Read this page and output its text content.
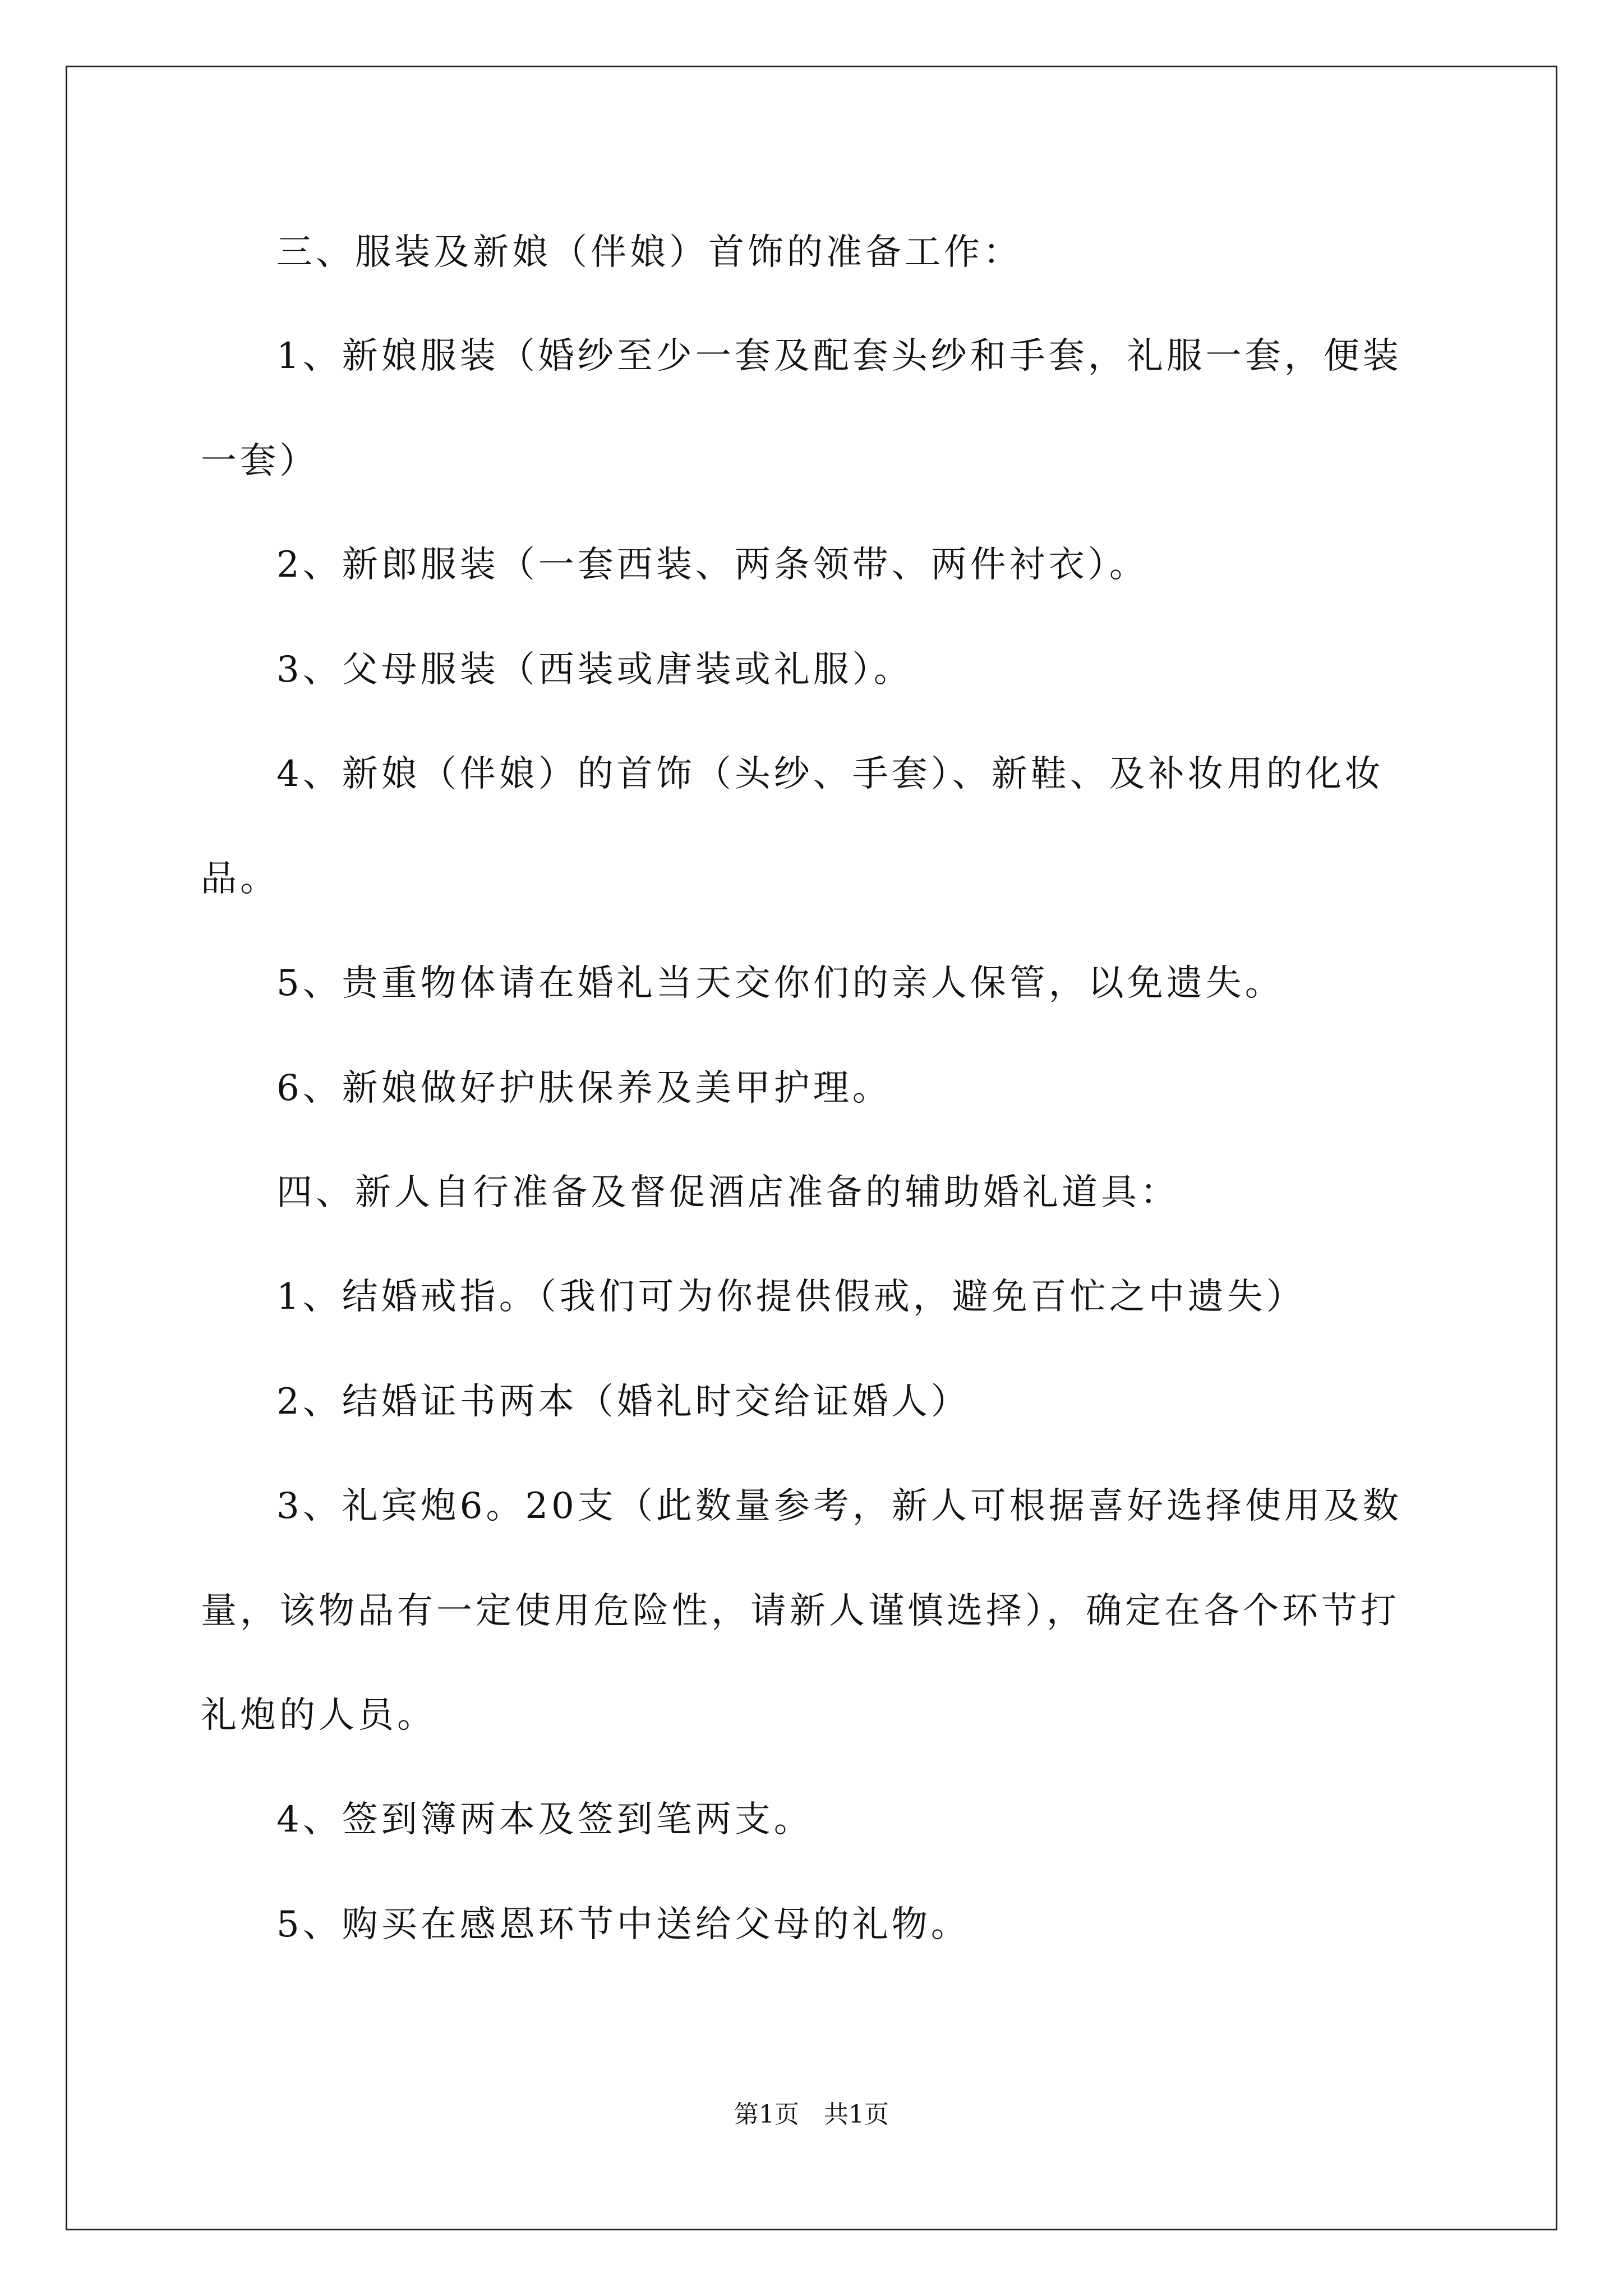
三、服装及新娘（伴娘）首饰的准备工作：
1、新娘服装（婚纱至少一套及配套头纱和手套，礼服一套，便装
一套）
2、新郎服装（一套西装、两条领带、两件衬衣）。
3、父母服装（西装或唐装或礼服）。
4、新娘（伴娘）的首饰（头纱、手套）、新鞋、及补妆用的化妆
品。
5、贵重物体请在婚礼当天交你们的亲人保管，以免遗失。
6、新娘做好护肤保养及美甲护理。
四、新人自行准备及督促酒店准备的辅助婚礼道具：
1、结婚戒指。（我们可为你提供假戒，避免百忙之中遗失）
2、结婚证书两本（婚礼时交给证婚人）
3、礼宾炮6。20支（此数量参考，新人可根据喜好选择使用及数
量，该物品有一定使用危险性，请新人谨慎选择），确定在各个环节打
礼炮的人员。
4、签到簿两本及签到笔两支。
5、购买在感恩环节中送给父母的礼物。
第1页　共1页
